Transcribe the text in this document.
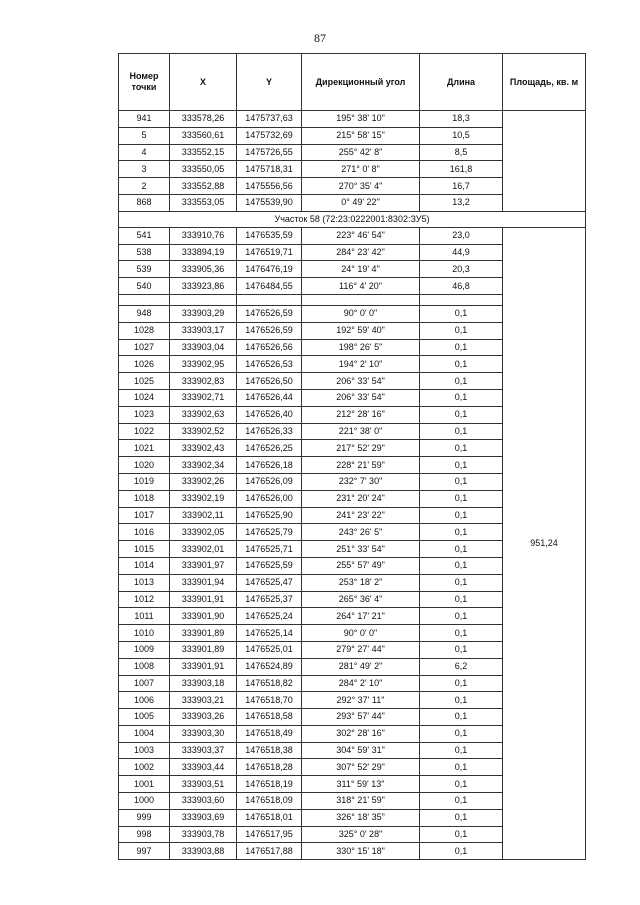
87
Номер точки	X	Y	Дирекционный угол	Длина	Площадь, кв. м
941	333578,26	1475737,63	195° 38' 10"	18,3	
5	333560,61	1475732,69	215° 58' 15"	10,5	
4	333552,15	1475726,55	255° 42' 8"	8,5	
3	333550,05	1475718,31	271° 0' 8"	161,8	
2	333552,88	1475556,56	270° 35' 4"	16,7	
868	333553,05	1475539,90	0° 49' 22"	13,2	
Участок 58 (72:23:0222001:8302:ЗУ5)					
541	333910,76	1476535,59	223° 46' 54"	23,0	951,24
538	333894,19	1476519,71	284° 23' 42"	44,9	
539	333905,36	1476476,19	24° 19' 4"	20,3	
540	333923,86	1476484,55	116° 4' 20"	46,8	

948	333903,29	1476526,59	90° 0' 0"	0,1	
1028	333903,17	1476526,59	192° 59' 40"	0,1	
1027	333903,04	1476526,56	198° 26' 5"	0,1	
1026	333902,95	1476526,53	194° 2' 10"	0,1	
1025	333902,83	1476526,50	206° 33' 54"	0,1	
1024	333902,71	1476526,44	206° 33' 54"	0,1	
1023	333902,63	1476526,40	212° 28' 16"	0,1	
1022	333902,52	1476526,33	221° 38' 0"	0,1	
1021	333902,43	1476526,25	217° 52' 29"	0,1	
1020	333902,34	1476526,18	228° 21' 59"	0,1	
1019	333902,26	1476526,09	232° 7' 30"	0,1	
1018	333902,19	1476526,00	231° 20' 24"	0,1	
1017	333902,11	1476525,90	241° 23' 22"	0,1	
1016	333902,05	1476525,79	243° 26' 5"	0,1	
1015	333902,01	1476525,71	251° 33' 54"	0,1	
1014	333901,97	1476525,59	255° 57' 49"	0,1	
1013	333901,94	1476525,47	253° 18' 2"	0,1	
1012	333901,91	1476525,37	265° 36' 4"	0,1	
1011	333901,90	1476525,24	264° 17' 21"	0,1	
1010	333901,89	1476525,14	90° 0' 0"	0,1	
1009	333901,89	1476525,01	279° 27' 44"	0,1	
1008	333901,91	1476524,89	281° 49' 2"	6,2	
1007	333903,18	1476518,82	284° 2' 10"	0,1	
1006	333903,21	1476518,70	292° 37' 11"	0,1	
1005	333903,26	1476518,58	293° 57' 44"	0,1	
1004	333903,30	1476518,49	302° 28' 16"	0,1	
1003	333903,37	1476518,38	304° 59' 31"	0,1	
1002	333903,44	1476518,28	307° 52' 29"	0,1	
1001	333903,51	1476518,19	311° 59' 13"	0,1	
1000	333903,60	1476518,09	318° 21' 59"	0,1	
999	333903,69	1476518,01	326° 18' 35"	0,1	
998	333903,78	1476517,95	325° 0' 28"	0,1	
997	333903,88	1476517,88	330° 15' 18"	0,1	
